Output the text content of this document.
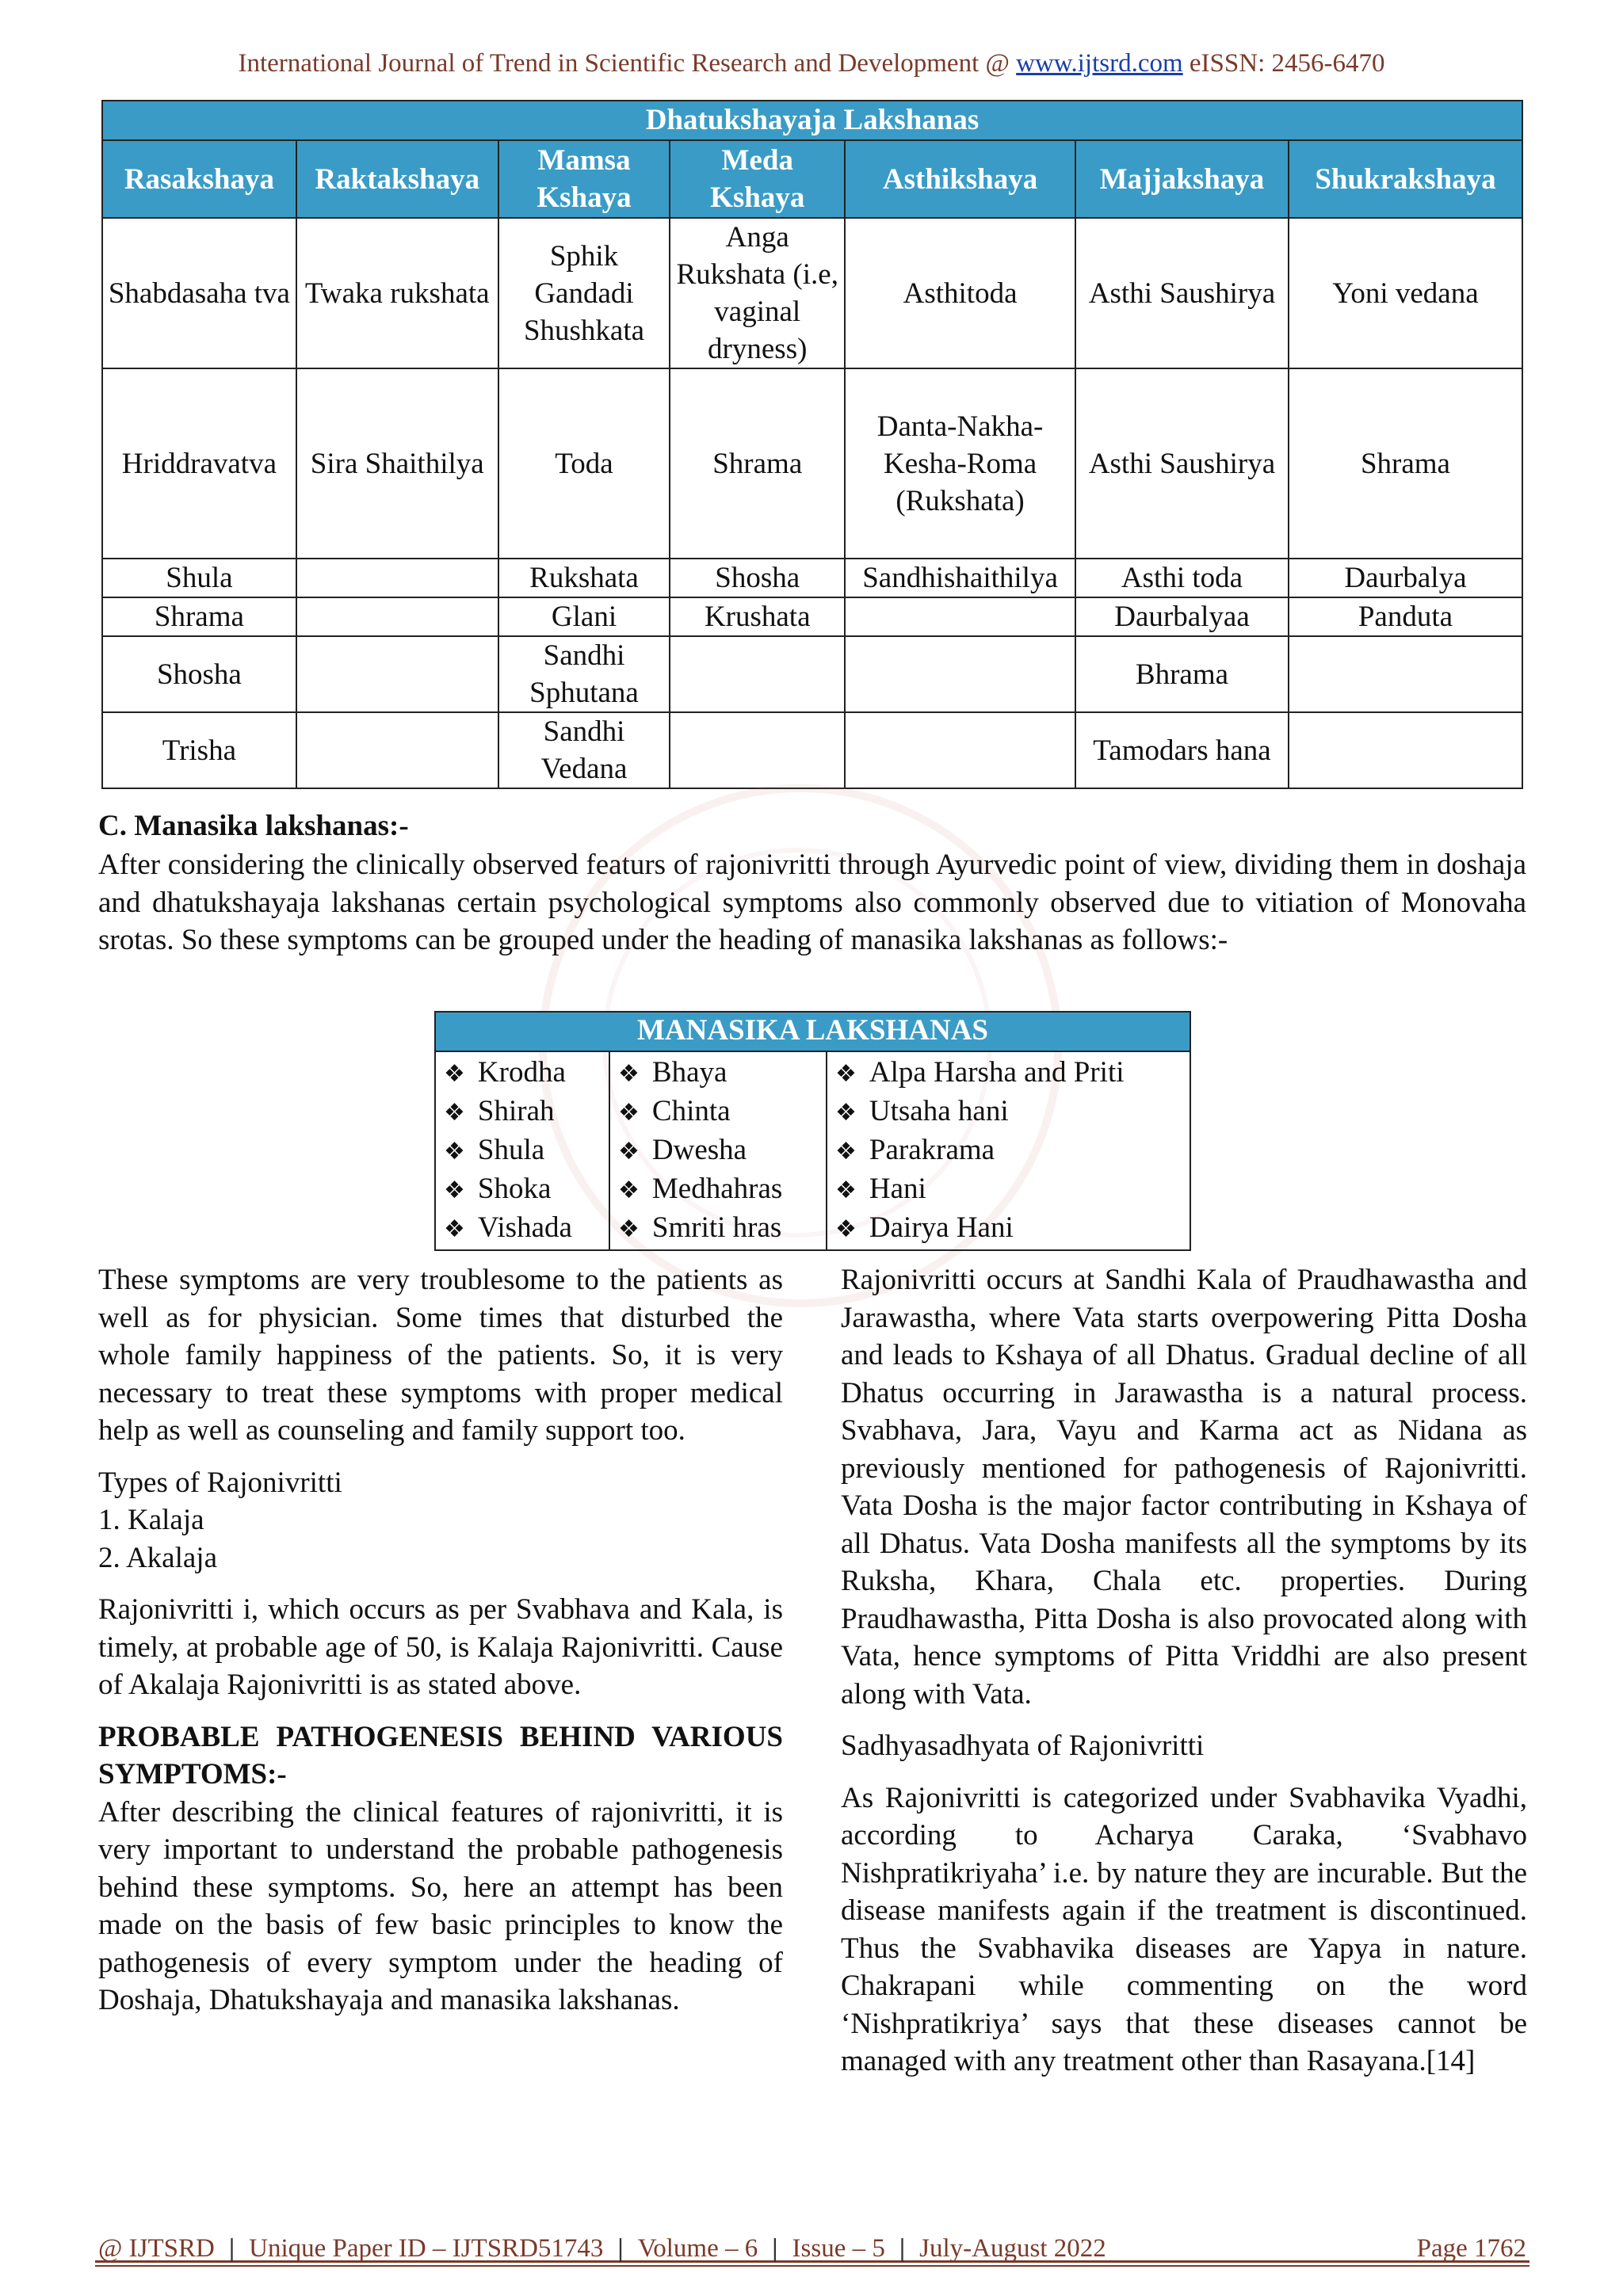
International Journal of Trend in Scientific Research and Development @ www.ijtsrd.com eISSN: 2456-6470
Dhatukshayaja Lakshanas						
Rasakshaya	Raktakshaya	Mamsa Kshaya	Meda Kshaya	Asthikshaya	Majjakshaya	Shukrakshaya
Shabdasaha tva	Twaka rukshata	Sphik Gandadi Shushkata	Anga Rukshata (i.e, vaginal dryness)	Asthitoda	Asthi Saushirya	Yoni vedana
Hriddravatva	Sira Shaithilya	Toda	Shrama	Danta-Nakha-Kesha-Roma (Rukshata)	Asthi Saushirya	Shrama
Shula		Rukshata	Shosha	Sandhishaithilya	Asthi toda	Daurbalya
Shrama		Glani	Krushata		Daurbalyaa	Panduta
Shosha		Sandhi Sphutana			Bhrama	
Trisha		Sandhi Vedana			Tamodars hana	
C. Manasika lakshanas:-
After considering the clinically observed featurs of rajonivritti through Ayurvedic point of view, dividing them in doshaja and dhatukshayaja lakshanas certain psychological symptoms also commonly observed due to vitiation of Monovaha srotas. So these symptoms can be grouped under the heading of manasika lakshanas as follows:-
MANASIKA LAKSHANAS

❖ Krodha
❖ Shirah
❖ Shula
❖ Shoka
❖ Vishada

❖ Bhaya
❖ Chinta
❖ Dwesha
❖ Medhahras
❖ Smriti hras

❖ Alpa Harsha and Priti
❖ Utsaha hani
❖ Parakrama
❖ Hani
❖ Dairya Hani

These symptoms are very troublesome to the patients as well as for physician. Some times that disturbed the whole family happiness of the patients. So, it is very necessary to treat these symptoms with proper medical help as well as counseling and family support too.

Types of Rajonivritti
1. Kalaja
2. Akalaja

Rajonivritti i, which occurs as per Svabhava and Kala, is timely, at probable age of 50, is Kalaja Rajonivritti. Cause of Akalaja Rajonivritti is as stated above.

PROBABLE PATHOGENESIS BEHIND VARIOUS SYMPTOMS:-

After describing the clinical features of rajonivritti, it is very important to understand the probable pathogenesis behind these symptoms. So, here an attempt has been made on the basis of few basic principles to know the pathogenesis of every symptom under the heading of Doshaja, Dhatukshayaja and manasika lakshanas.

Rajonivritti occurs at Sandhi Kala of Praudhawastha and Jarawastha, where Vata starts overpowering Pitta Dosha and leads to Kshaya of all Dhatus. Gradual decline of all Dhatus occurring in Jarawastha is a natural process. Svabhava, Jara, Vayu and Karma act as Nidana as previously mentioned for pathogenesis of Rajonivritti. Vata Dosha is the major factor contributing in Kshaya of all Dhatus. Vata Dosha manifests all the symptoms by its Ruksha, Khara, Chala etc. properties. During Praudhawastha, Pitta Dosha is also provocated along with Vata, hence symptoms of Pitta Vriddhi are also present along with Vata.

Sadhyasadhyata of Rajonivritti

As Rajonivritti is categorized under Svabhavika Vyadhi, according to Acharya Caraka, ‘Svabhavo Nishpratikriyaha’ i.e. by nature they are incurable. But the disease manifests again if the treatment is discontinued. Thus the Svabhavika diseases are Yapya in nature. Chakrapani while commenting on the word ‘Nishpratikriya’ says that these diseases cannot be managed with any treatment other than Rasayana.[14]

@ IJTSRD | Unique Paper ID – IJTSRD51743 | Volume – 6 | Issue – 5 | July-August 2022	Page 1762
